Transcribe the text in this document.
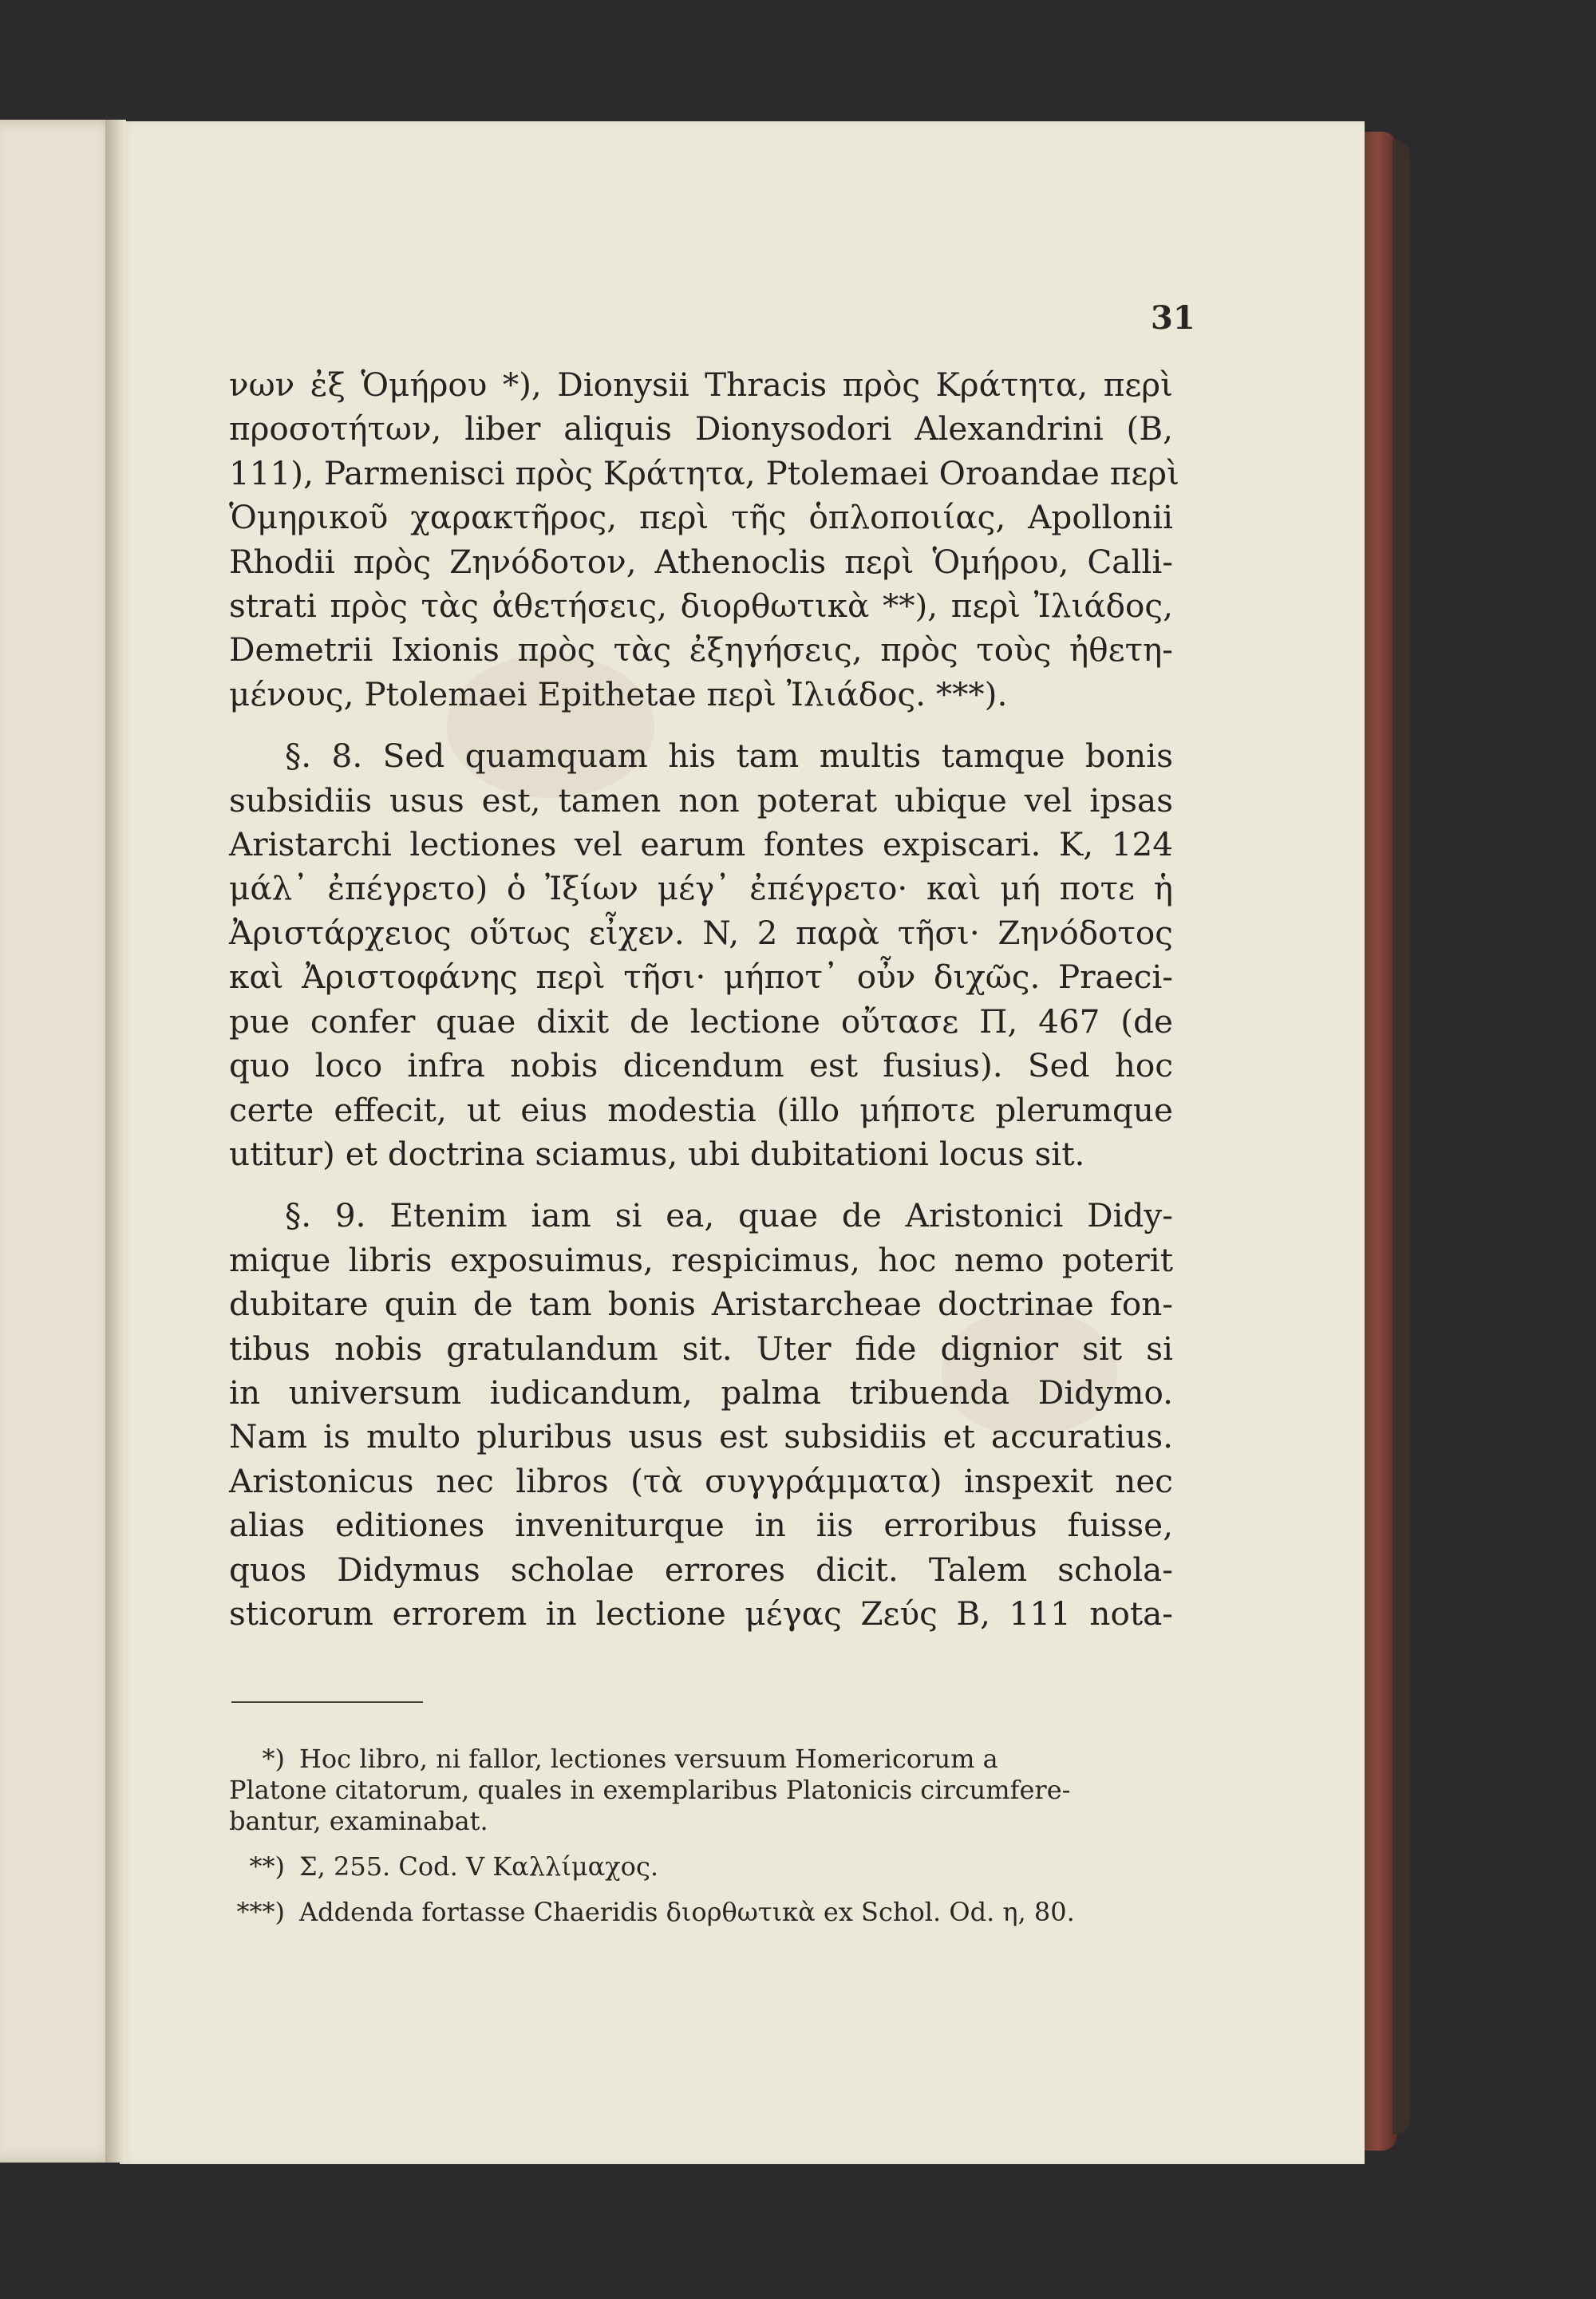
31
νων ἐξ Ὁμήρου *), Dionysii Thracis πρὸς Κράτητα, περὶ
προσοτήτων, liber aliquis Dionysodori Alexandrini (B,
111), Parmenisci πρὸς Κράτητα, Ptolemaei Oroandae περὶ
Ὁμηρικοῦ χαρακτῆρος, περὶ τῆς ὁπλοποιίας, Apollonii
Rhodii πρὸς Ζηνόδοτον, Athenoclis περὶ Ὁμήρου, Calli-
strati πρὸς τὰς ἀθετήσεις, διορθωτικὰ **), περὶ Ἰλιάδος,
Demetrii Ixionis πρὸς τὰς ἐξηγήσεις, πρὸς τοὺς ἠθετη-
μένους, Ptolemaei Epithetae περὶ Ἰλιάδος. ***).
§. 8. Sed quamquam his tam multis tamque bonis
subsidiis usus est, tamen non poterat ubique vel ipsas
Aristarchi lectiones vel earum fontes expiscari. K, 124
μάλ᾽ ἐπέγρετο) ὁ Ἰξίων μέγ᾽ ἐπέγρετο· καὶ μή ποτε ἡ
Ἀριστάρχειος οὕτως εἶχεν. N, 2 παρὰ τῆσι· Ζηνόδοτος
καὶ Ἀριστοφάνης περὶ τῆσι· μήποτ᾽ οὖν διχῶς. Praeci-
pue confer quae dixit de lectione οὔτασε Π, 467 (de
quo loco infra nobis dicendum est fusius). Sed hoc
certe effecit, ut eius modestia (illo μήποτε plerumque
utitur) et doctrina sciamus, ubi dubitationi locus sit.
§. 9. Etenim iam si ea, quae de Aristonici Didy-
mique libris exposuimus, respicimus, hoc nemo poterit
dubitare quin de tam bonis Aristarcheae doctrinae fon-
tibus nobis gratulandum sit. Uter fide dignior sit si
in universum iudicandum, palma tribuenda Didymo.
Nam is multo pluribus usus est subsidiis et accuratius.
Aristonicus nec libros (τὰ συγγράμματα) inspexit nec
alias editiones inveniturque in iis erroribus fuisse,
quos Didymus scholae errores dicit. Talem schola-
sticorum errorem in lectione μέγας Ζεύς B, 111 nota-
*) Hoc libro, ni fallor, lectiones versuum Homericorum a
Platone citatorum, quales in exemplaribus Platonicis circumfere-
bantur, examinabat.
**) Σ, 255. Cod. V Καλλίμαχος.
***) Addenda fortasse Chaeridis διορθωτικὰ ex Schol. Od. η, 80.
